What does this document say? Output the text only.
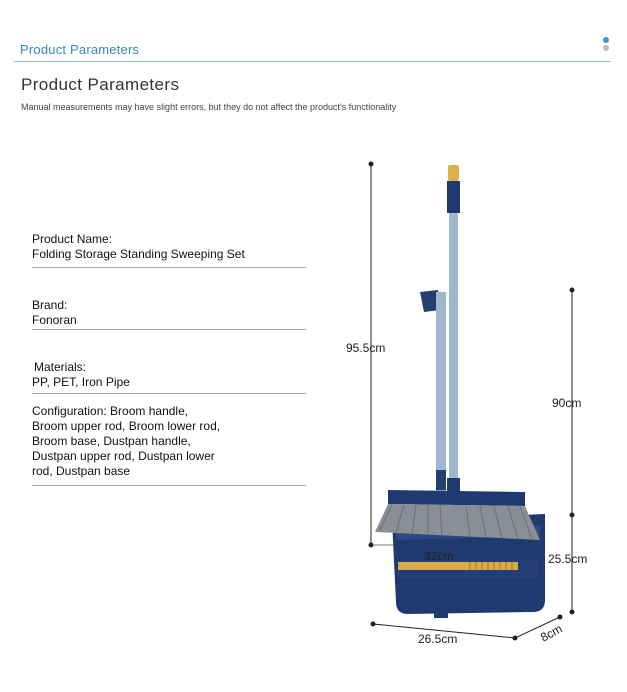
Product Parameters
Product Parameters
Manual measurements may have slight errors, but they do not affect the product's functionality
Product Name:
Folding Storage Standing Sweeping Set
Brand:
Fonoran
Materials:
PP, PET, Iron Pipe
Configuration: Broom handle,
Broom upper rod, Broom lower rod,
Broom base, Dustpan handle,
Dustpan upper rod, Dustpan lower
rod, Dustpan base
95.5cm
90cm
32cm	25.5cm
26.5cm	8cm
